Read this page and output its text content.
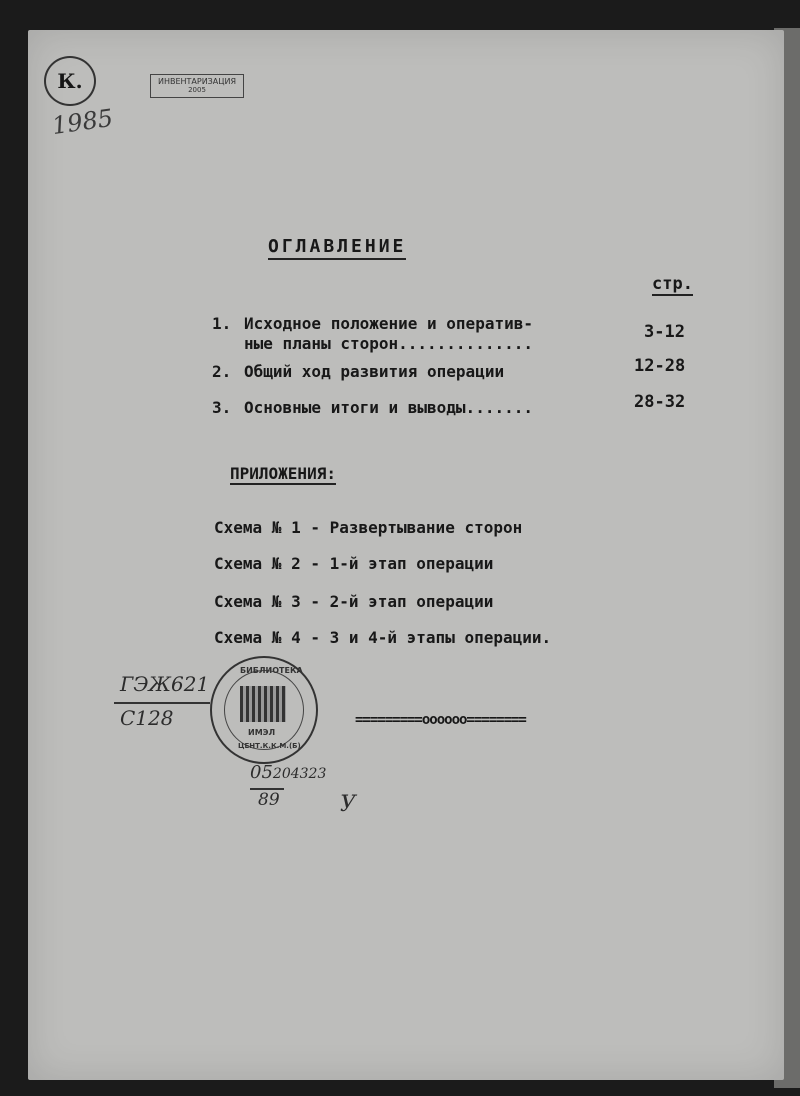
К.
1985
ИНВЕНТАРИЗАЦИЯ
2005
ОГЛАВЛЕНИЕ
стр.
1. Исходное положение и оператив-
ные планы сторон..............
3-12
2. Общий ход развития операции	12-28
3. Основные итоги и выводы.......	28-32
ПРИЛОЖЕНИЯ:
Схема № 1 - Развертывание сторон
Схема № 2 - 1-й этап операции
Схема № 3 - 2-й этап операции
Схема № 4 - 3 и 4-й этапы операции.
=========оооооо========
БИБЛИОТЕКА
ИМЭЛ
ЦЕНТ.К.К.М.(Б)
ГЭЖ621
С128
05204323
89	У
